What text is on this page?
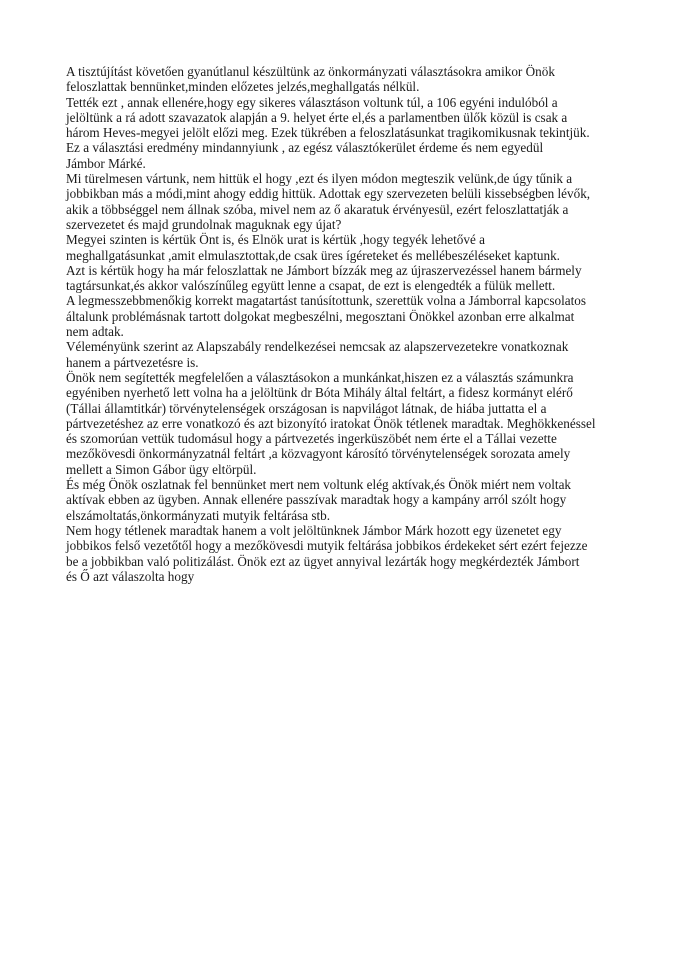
A tisztújítást követően gyanútlanul készültünk az önkormányzati választásokra amikor Önök
feloszlattak bennünket,minden előzetes jelzés,meghallgatás nélkül.
Tették ezt , annak ellenére,hogy egy sikeres választáson voltunk túl, a 106 egyéni indulóból a
jelöltünk a rá adott szavazatok alapján a 9. helyet érte el,és a parlamentben ülők közül is csak a
három Heves-megyei jelölt előzi meg. Ezek tükrében a feloszlatásunkat tragikomikusnak tekintjük.
Ez a választási eredmény mindannyiunk , az egész választókerület érdeme és nem egyedül
Jámbor Márké.
Mi türelmesen vártunk, nem hittük el hogy ,ezt és ilyen módon megteszik velünk,de úgy tűnik a
jobbikban más a módi,mint ahogy eddig hittük. Adottak egy szervezeten belüli kissebségben lévők,
akik a többséggel nem állnak szóba, mivel nem az ő akaratuk érvényesül, ezért feloszlattatják a
szervezetet és majd grundolnak maguknak egy újat?
Megyei szinten is kértük Önt is, és Elnök urat is kértük ,hogy tegyék lehetővé a
meghallgatásunkat ,amit elmulasztottak,de csak üres ígéreteket és mellébeszéléseket kaptunk.
Azt is kértük hogy ha már feloszlattak ne Jámbort bízzák meg az újraszervezéssel hanem bármely
tagtársunkat,és akkor valószínűleg együtt lenne a csapat, de ezt is elengedték a fülük mellett.
A legmesszebbmenőkig korrekt magatartást tanúsítottunk, szerettük volna a Jámborral kapcsolatos
általunk problémásnak tartott dolgokat megbeszélni, megosztani Önökkel azonban erre alkalmat
nem adtak.
Véleményünk szerint az Alapszabály rendelkezései nemcsak az alapszervezetekre vonatkoznak
hanem a pártvezetésre is.
Önök nem segítették megfelelően a választásokon a munkánkat,hiszen ez a választás számunkra
egyéniben nyerhető lett volna ha a jelöltünk dr Bóta Mihály által feltárt, a fidesz kormányt elérő
(Tállai államtitkár) törvénytelenségek országosan is napvilágot látnak, de hiába juttatta el a
pártvezetéshez az erre vonatkozó és azt bizonyító iratokat Önök tétlenek maradtak. Meghökkenéssel
és szomorúan vettük tudomásul hogy a pártvezetés ingerküszöbét nem érte el a Tállai vezette
mezőkövesdi önkormányzatnál feltárt ,a közvagyont károsító törvénytelenségek sorozata amely
mellett a Simon Gábor ügy eltörpül.
És még Önök oszlatnak fel bennünket mert nem voltunk elég aktívak,és Önök miért nem voltak
aktívak ebben az ügyben. Annak ellenére passzívak maradtak hogy a kampány arról szólt hogy
elszámoltatás,önkormányzati mutyik feltárása stb.
Nem hogy tétlenek maradtak hanem a volt jelöltünknek Jámbor Márk hozott egy üzenetet egy
jobbikos felső vezetőtől hogy a mezőkövesdi mutyik feltárása jobbikos érdekeket sért ezért fejezze
be a jobbikban való politizálást. Önök ezt az ügyet annyival lezárták hogy megkérdezték Jámbort
és Ő azt válaszolta hogy
